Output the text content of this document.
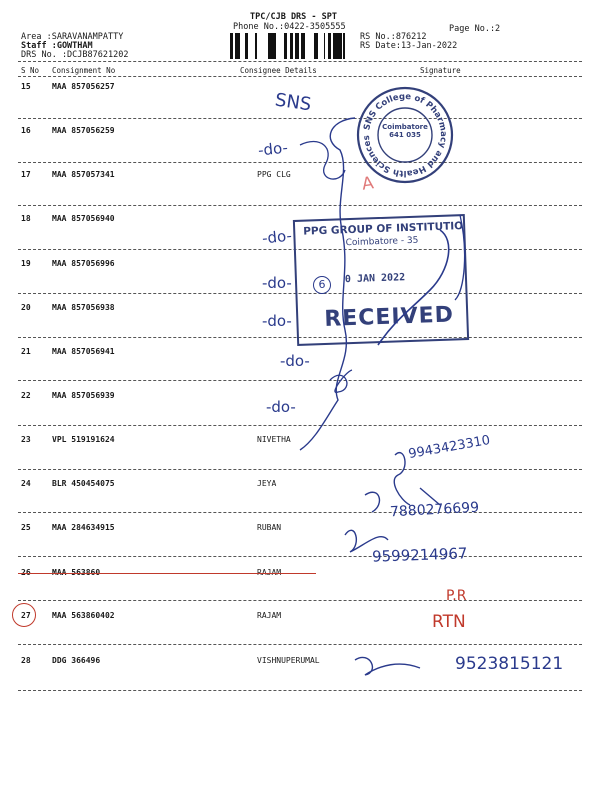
TPC/CJB DRS - SPT
Phone No.:0422-3505555	Page No.:2
Area :SARAVANAMPATTY
Staff :GOWTHAM
DRS No. :DCJB87621202
RS No.:876212
RS Date:13-Jan-2022
S No Consignment No	Consignee Details	Signature
15	MAA 857056257
16	MAA 857056259
17	MAA 857057341	PPG CLG
18	MAA 857056940
19	MAA 857056996
20	MAA 857056938
21	MAA 857056941
22	MAA 857056939
23	VPL 519191624	NIVETHA
24	BLR 450454075	JEYA
25	MAA 284634915	RUBAN
26	MAA 563860	RAJAM
27	MAA 563860402	RAJAM
28	DDG 366496	VISHNUPERUMAL
SNS College of Pharmacy and Health Sciences
Coimbatore 641 035
PPG GROUP OF INSTITUTIO
Coimbatore - 35
0 JAN 2022
RECEIVED
SNS
-do-
-do-
-do-
-do-
-do-
-do-
A
6
9943423310
7880276699
9599214967
P.R
RTN
9523815121
